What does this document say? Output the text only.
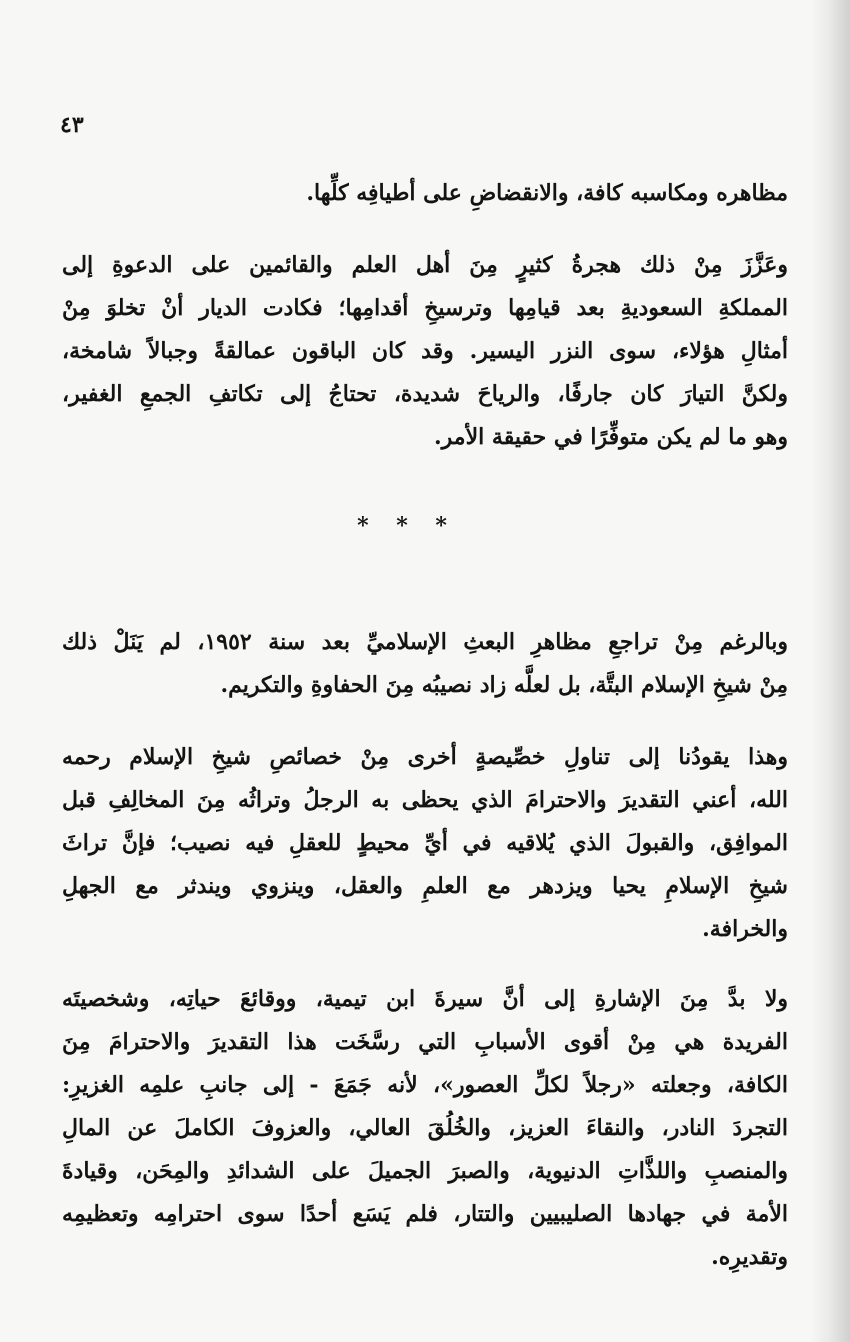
٤٣
مظاهره ومكاسبه كافة، والانقضاضِ على أطيافِه كلِّها.
وعَزَّزَ مِنْ ذلك هجرةُ كثيرٍ مِنَ أهل العلم والقائمين على الدعوةِ إلى
المملكةِ السعوديةِ بعد قيامِها وترسيخِ أقدامِها؛ فكادت الديار أنْ تخلوَ مِنْ
أمثالِ هؤلاء، سوى النزر اليسير. وقد كان الباقون عمالقةً وجبالاً شامخة،
ولكنَّ التيارَ كان جارفًا، والرياحَ شديدة، تحتاجُ إلى تكاتفِ الجمعِ الغفير،
وهو ما لم يكن متوفِّرًا في حقيقة الأمر.
* * *
وبالرغم مِنْ تراجعِ مظاهرِ البعثِ الإسلاميِّ بعد سنة ١٩٥٢، لم يَنَلْ ذلك
مِنْ شيخِ الإسلام البتَّة، بل لعلَّه زاد نصيبُه مِنَ الحفاوةِ والتكريم.
وهذا يقودُنا إلى تناولِ خصِّيصةٍ أخرى مِنْ خصائصِ شيخِ الإسلام رحمه
الله، أعني التقديرَ والاحترامَ الذي يحظى به الرجلُ وتراثُه مِنَ المخالِفِ قبل
الموافِق، والقبولَ الذي يُلاقيه في أيِّ محيطٍ للعقلِ فيه نصيب؛ فإنَّ تراثَ
شيخِ الإسلامِ يحيا ويزدهر مع العلمِ والعقل، وينزوي ويندثر مع الجهلِ
والخرافة.
ولا بدَّ مِنَ الإشارةِ إلى أنَّ سيرةَ ابن تيمية، ووقائعَ حياتِه، وشخصيتَه
الفريدة هي مِنْ أقوى الأسبابِ التي رسَّخَت هذا التقديرَ والاحترامَ مِنَ
الكافة، وجعلته «رجلاً لكلِّ العصور»، لأنه جَمَعَ - إلى جانبِ علمِه الغزيرِ:
التجردَ النادر، والنقاءَ العزيز، والخُلُقَ العالي، والعزوفَ الكاملَ عن المالِ
والمنصبِ واللذَّاتِ الدنيوية، والصبرَ الجميلَ على الشدائدِ والمِحَن، وقيادةَ
الأمة في جهادها الصليبيين والتتار، فلم يَسَع أحدًا سوى احترامِه وتعظيمِه
وتقديرِه.
